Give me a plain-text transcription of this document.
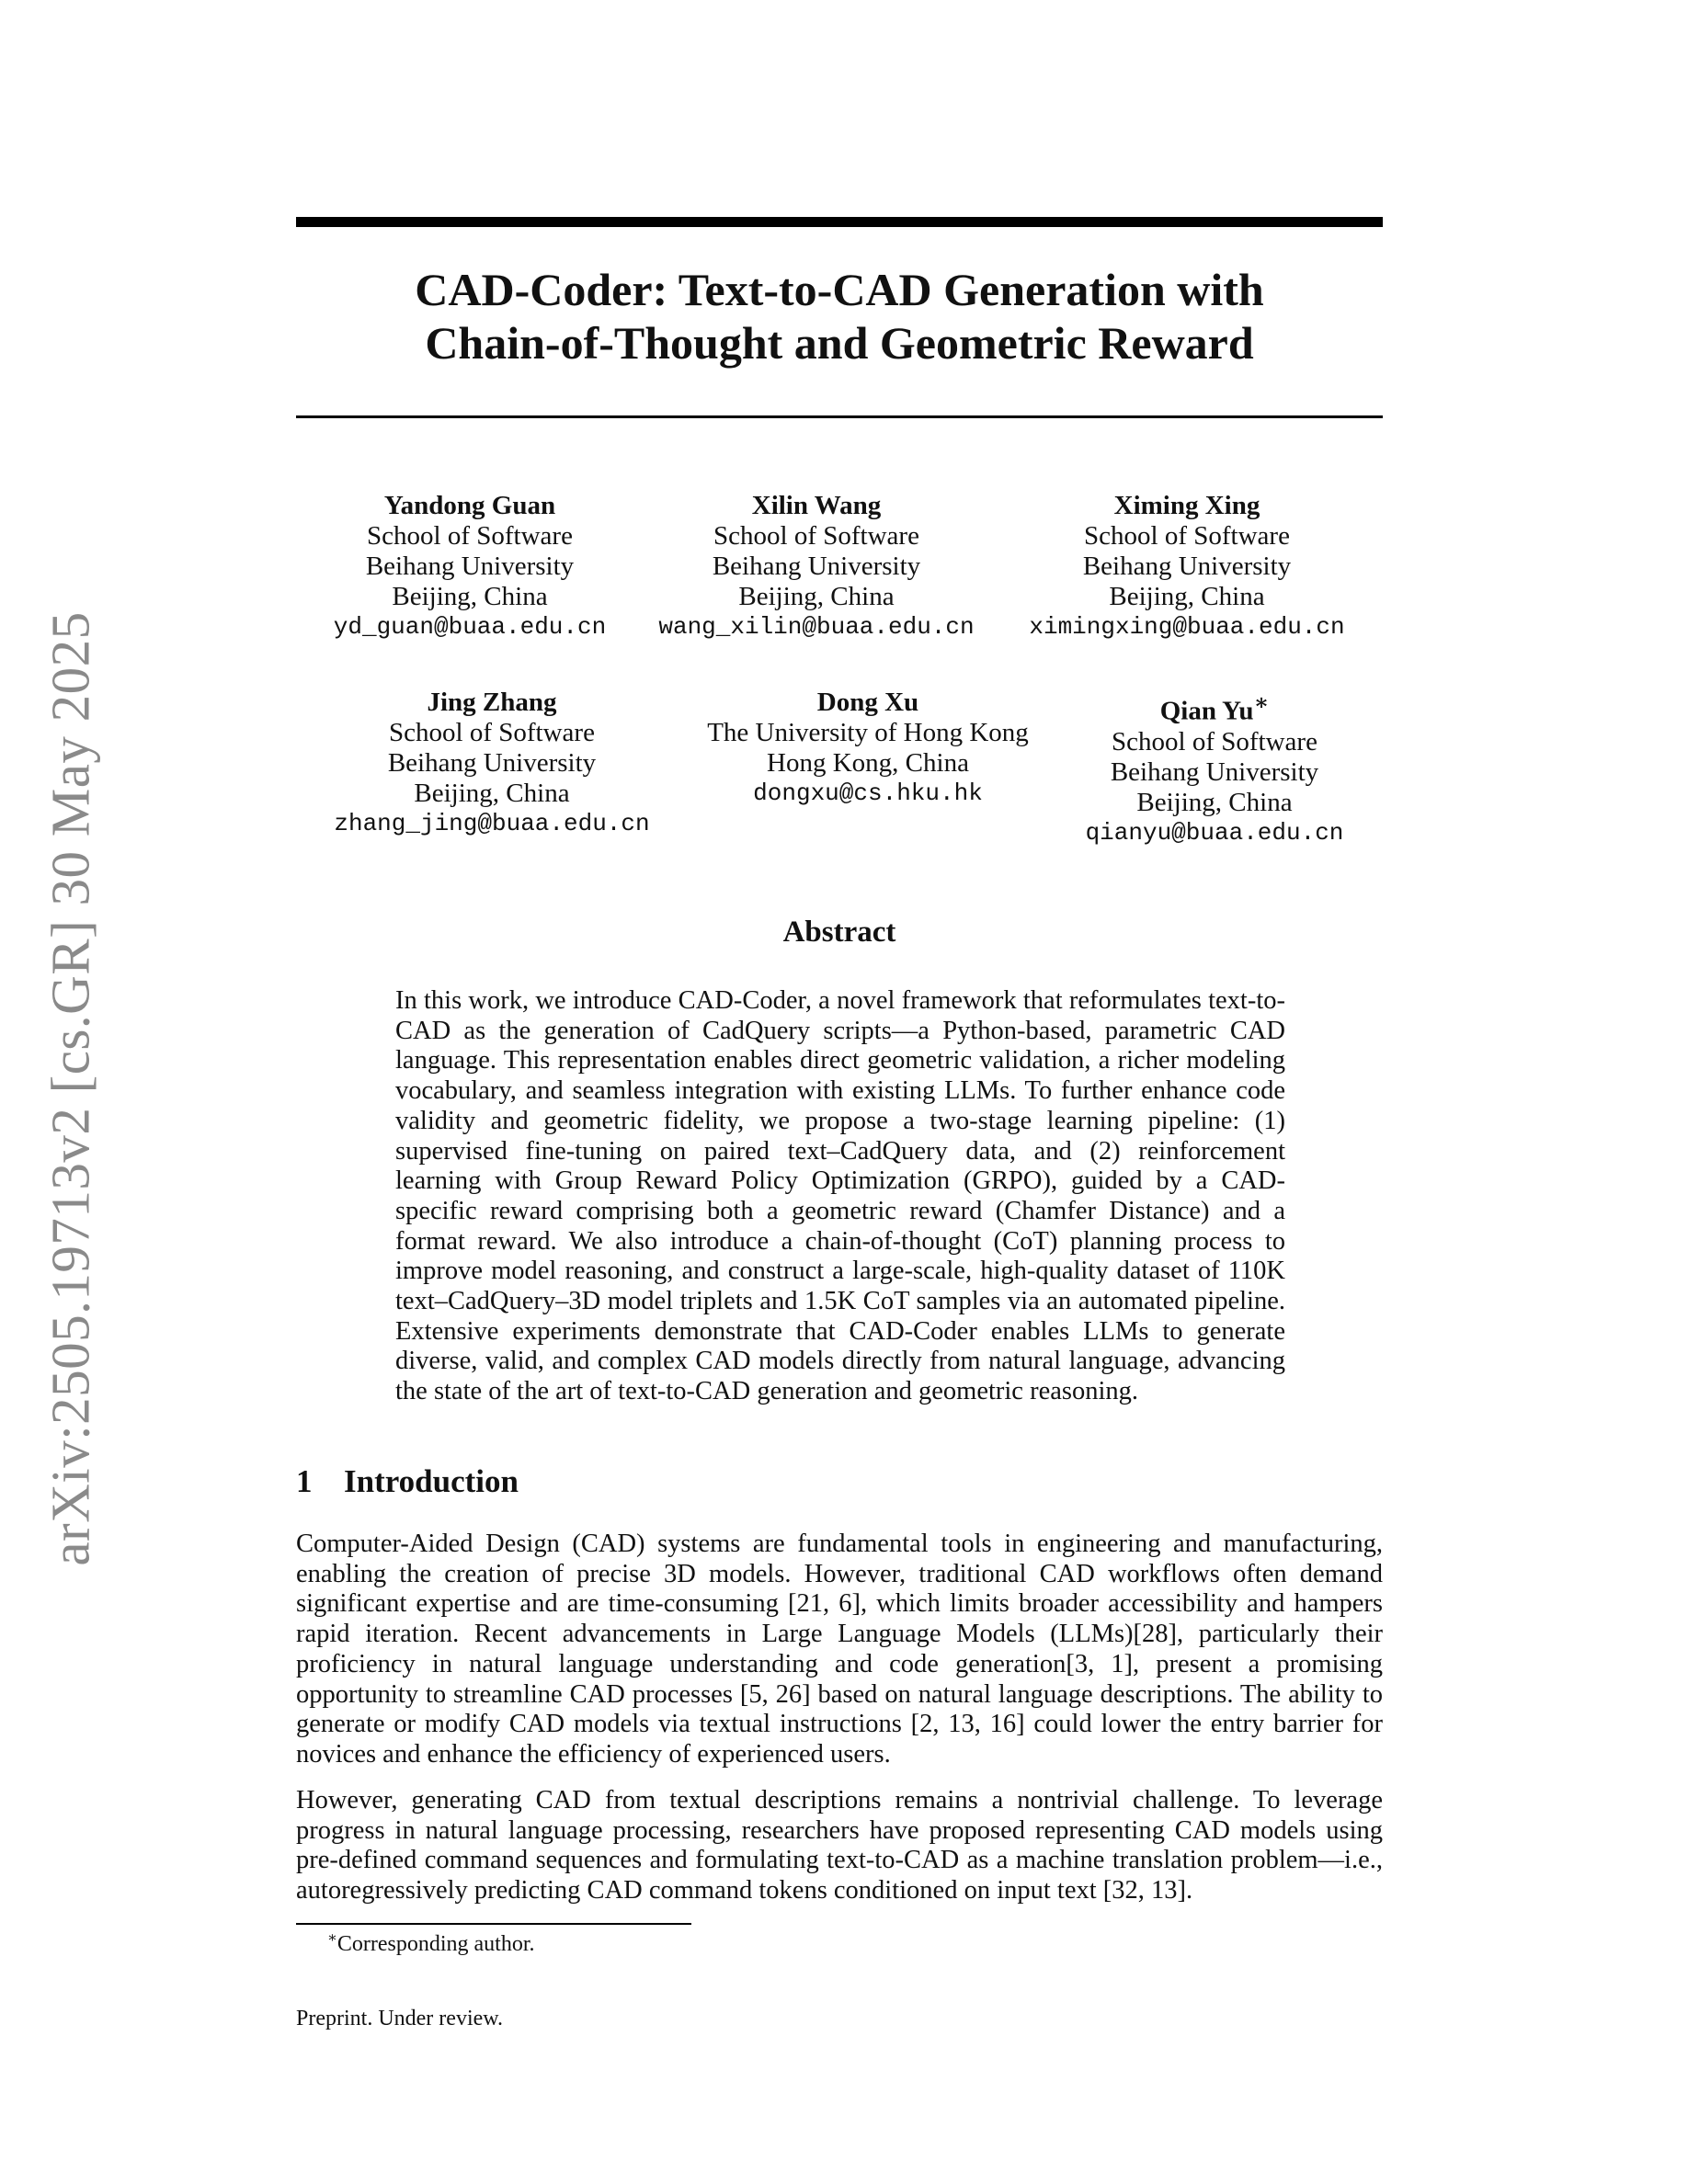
arXiv:2505.19713v2 [cs.GR] 30 May 2025
CAD-Coder: Text-to-CAD Generation with
Chain-of-Thought and Geometric Reward
Yandong Guan
School of Software
Beihang University
Beijing, China
yd_guan@buaa.edu.cn
Xilin Wang
School of Software
Beihang University
Beijing, China
wang_xilin@buaa.edu.cn
Ximing Xing
School of Software
Beihang University
Beijing, China
ximingxing@buaa.edu.cn
Jing Zhang
School of Software
Beihang University
Beijing, China
zhang_jing@buaa.edu.cn
Dong Xu
The University of Hong Kong
Hong Kong, China
dongxu@cs.hku.hk
Qian Yu∗
School of Software
Beihang University
Beijing, China
qianyu@buaa.edu.cn
Abstract

In this work, we introduce CAD-Coder, a novel framework that reformulates text-to-CAD as the generation of CadQuery scripts—a Python-based, parametric CAD language. This representation enables direct geometric validation, a richer modeling vocabulary, and seamless integration with existing LLMs. To further enhance code validity and geometric fidelity, we propose a two-stage learning pipeline: (1) supervised fine-tuning on paired text–CadQuery data, and (2) reinforcement learning with Group Reward Policy Optimization (GRPO), guided by a CAD-specific reward comprising both a geometric reward (Chamfer Distance) and a format reward. We also introduce a chain-of-thought (CoT) planning process to improve model reasoning, and construct a large-scale, high-quality dataset of 110K text–CadQuery–3D model triplets and 1.5K CoT samples via an automated pipeline. Extensive experiments demonstrate that CAD-Coder enables LLMs to generate diverse, valid, and complex CAD models directly from natural language, advancing the state of the art of text-to-CAD generation and geometric reasoning.

1 Introduction

Computer-Aided Design (CAD) systems are fundamental tools in engineering and manufacturing, enabling the creation of precise 3D models. However, traditional CAD workflows often demand significant expertise and are time-consuming [21, 6], which limits broader accessibility and hampers rapid iteration. Recent advancements in Large Language Models (LLMs)[28], particularly their proficiency in natural language understanding and code generation[3, 1], present a promising opportunity to streamline CAD processes [5, 26] based on natural language descriptions. The ability to generate or modify CAD models via textual instructions [2, 13, 16] could lower the entry barrier for novices and enhance the efficiency of experienced users.

However, generating CAD from textual descriptions remains a nontrivial challenge. To leverage progress in natural language processing, researchers have proposed representing CAD models using pre-defined command sequences and formulating text-to-CAD as a machine translation problem—i.e., autoregressively predicting CAD command tokens conditioned on input text [32, 13].

∗Corresponding author.

Preprint. Under review.
